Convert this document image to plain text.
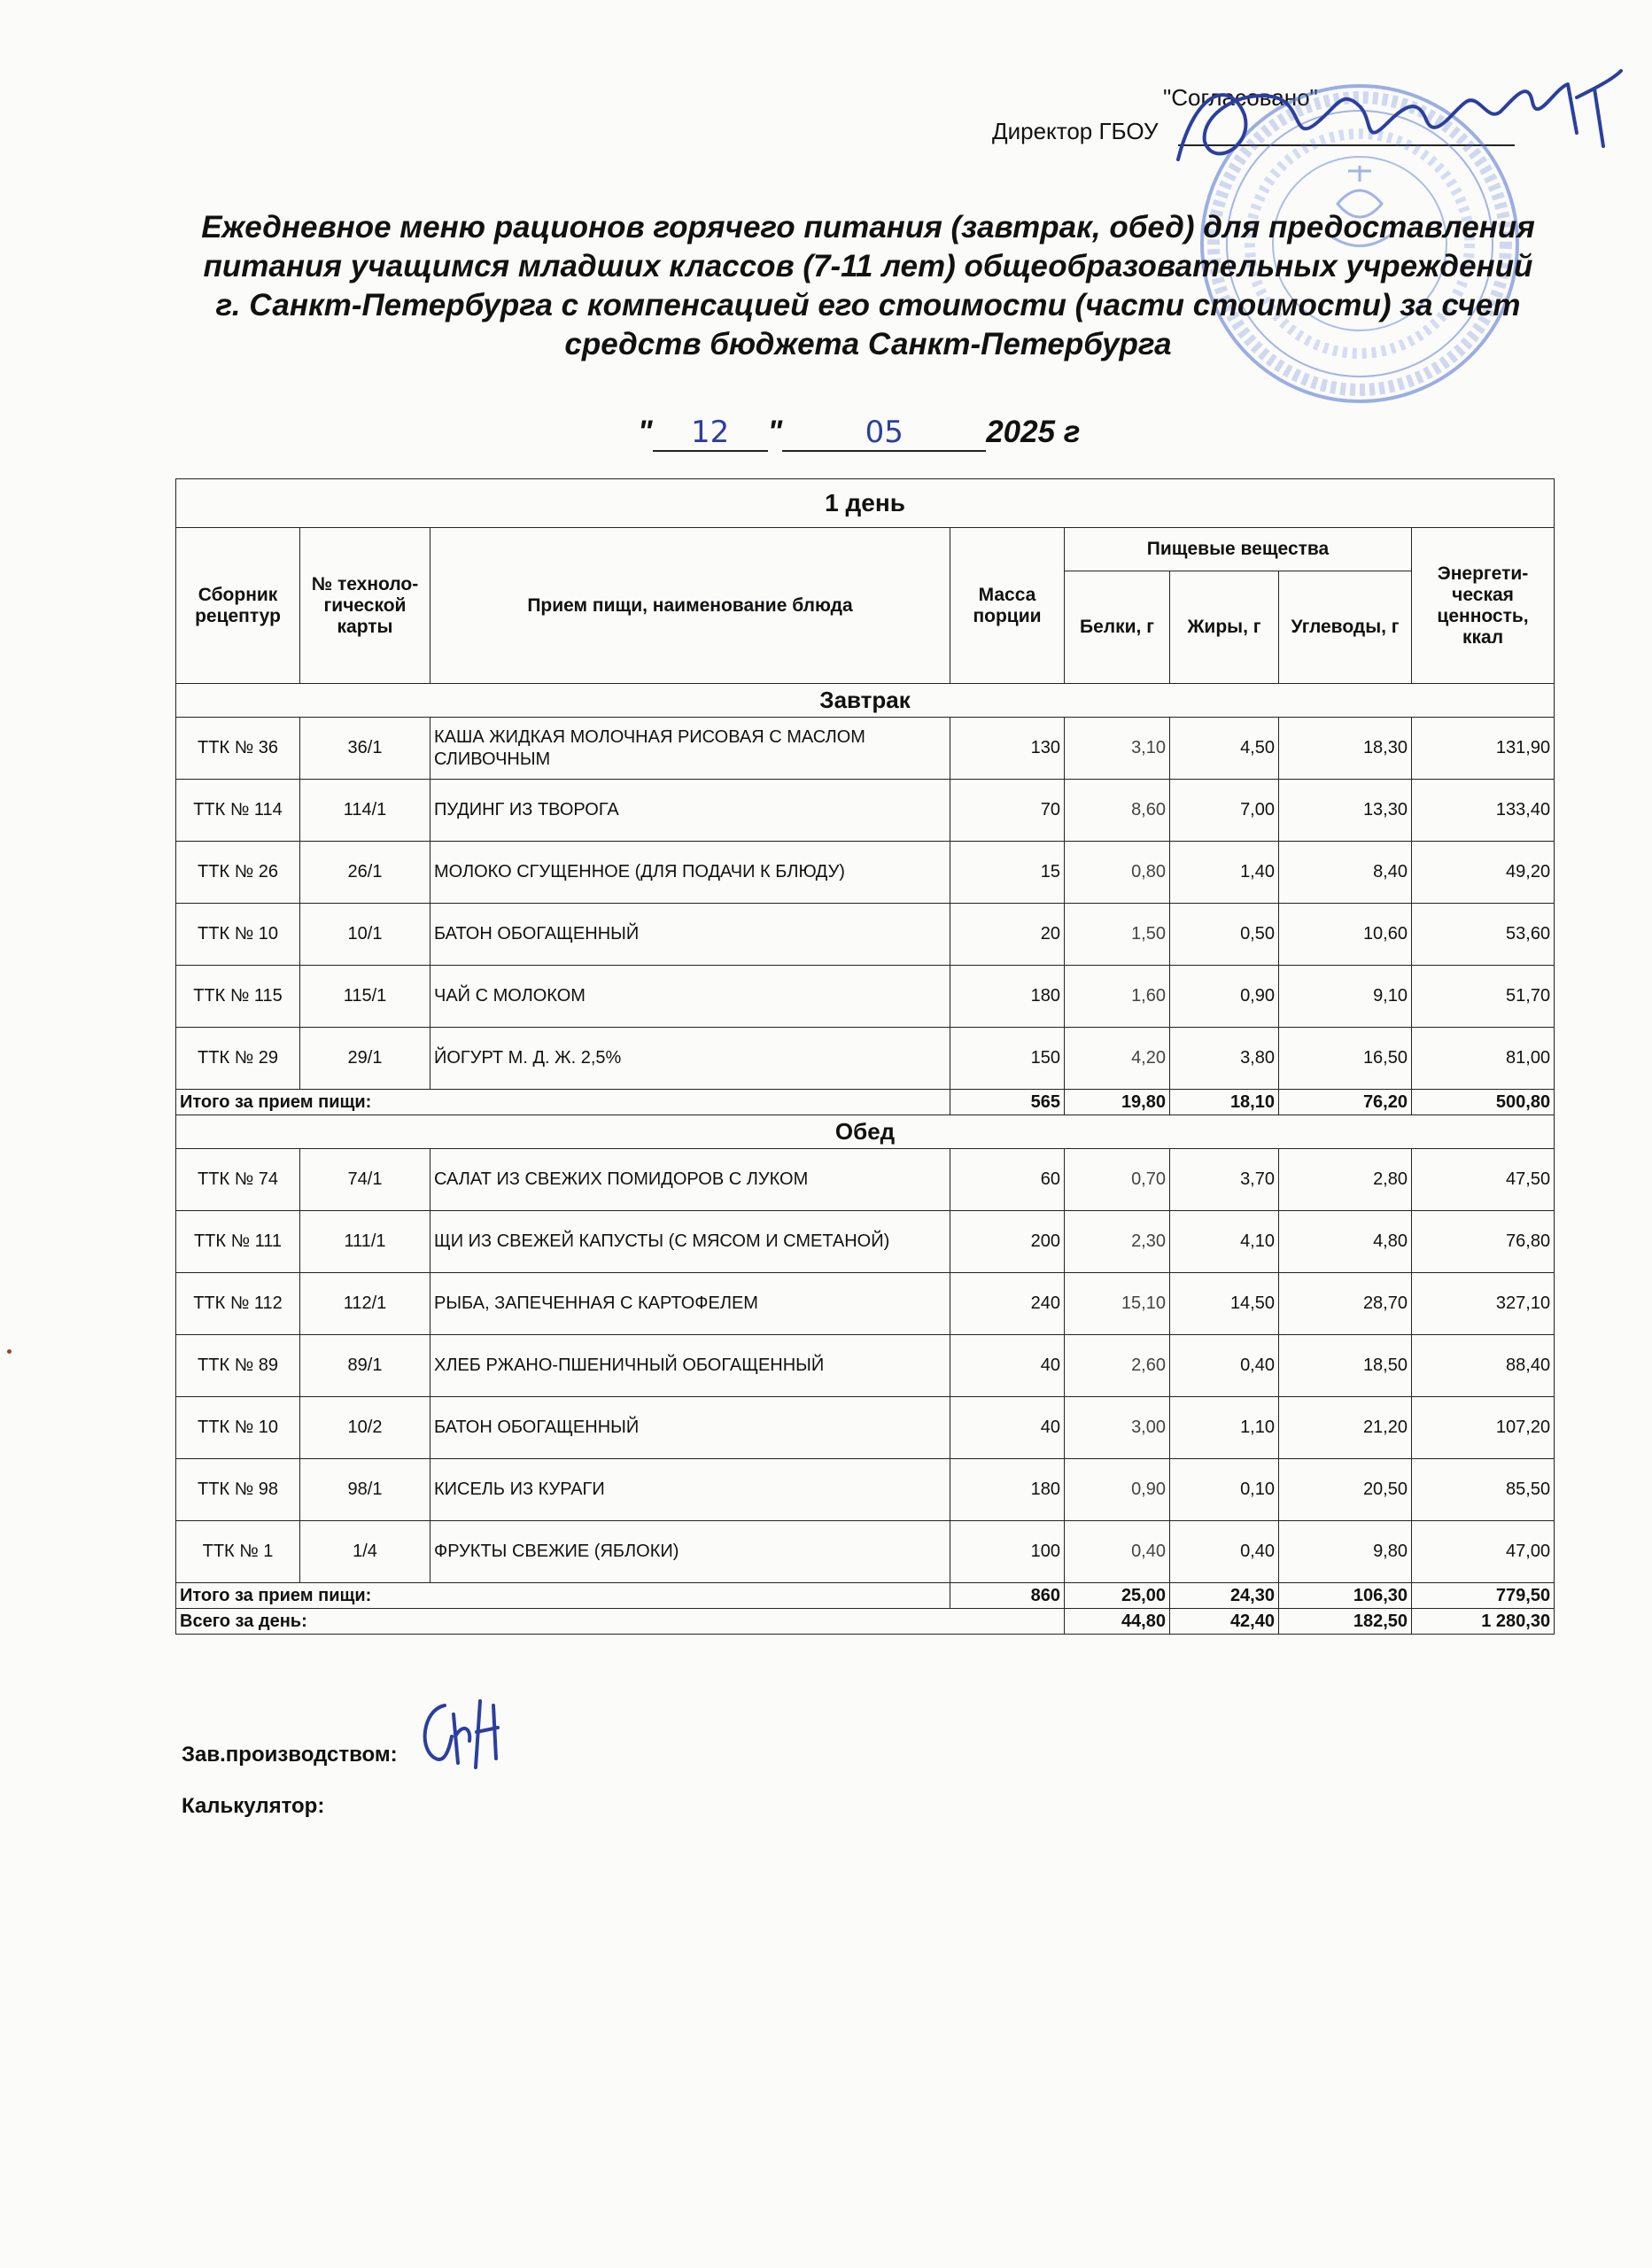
"Согласовано"
Директор ГБОУ
Ежедневное меню рационов горячего питания (завтрак, обед) для предоставления
питания учащимся младших классов (7-11 лет) общеобразовательных учреждений
г. Санкт-Петербурга с компенсацией его стоимости (части стоимости) за счет
средств бюджета Санкт-Петербурга
" 12 "	05	2025 г
1 день							
Сборник рецептур	№ техноло-гической карты	Прием пищи, наименование блюда	Масса порции	Пищевые вещества			Энергети-ческая ценность, ккал
				Белки, г	Жиры, г	Углеводы, г	
Завтрак							
ТТК № 36	36/1	КАША ЖИДКАЯ МОЛОЧНАЯ РИСОВАЯ С МАСЛОМ СЛИВОЧНЫМ	130	3,10	4,50	18,30	131,90
ТТК № 114	114/1	ПУДИНГ ИЗ ТВОРОГА	70	8,60	7,00	13,30	133,40
ТТК № 26	26/1	МОЛОКО СГУЩЕННОЕ (ДЛЯ ПОДАЧИ К БЛЮДУ)	15	0,80	1,40	8,40	49,20
ТТК № 10	10/1	БАТОН ОБОГАЩЕННЫЙ	20	1,50	0,50	10,60	53,60
ТТК № 115	115/1	ЧАЙ С МОЛОКОМ	180	1,60	0,90	9,10	51,70
ТТК № 29	29/1	ЙОГУРТ М. Д. Ж. 2,5%	150	4,20	3,80	16,50	81,00
Итого за прием пищи:			565	19,80	18,10	76,20	500,80
Обед							
ТТК № 74	74/1	САЛАТ ИЗ СВЕЖИХ ПОМИДОРОВ С ЛУКОМ	60	0,70	3,70	2,80	47,50
ТТК № 111	111/1	ЩИ ИЗ СВЕЖЕЙ КАПУСТЫ (С МЯСОМ И СМЕТАНОЙ)	200	2,30	4,10	4,80	76,80
ТТК № 112	112/1	РЫБА, ЗАПЕЧЕННАЯ С КАРТОФЕЛЕМ	240	15,10	14,50	28,70	327,10
ТТК № 89	89/1	ХЛЕБ РЖАНО-ПШЕНИЧНЫЙ ОБОГАЩЕННЫЙ	40	2,60	0,40	18,50	88,40
ТТК № 10	10/2	БАТОН ОБОГАЩЕННЫЙ	40	3,00	1,10	21,20	107,20
ТТК № 98	98/1	КИСЕЛЬ ИЗ КУРАГИ	180	0,90	0,10	20,50	85,50
ТТК № 1	1/4	ФРУКТЫ СВЕЖИЕ (ЯБЛОКИ)	100	0,40	0,40	9,80	47,00
Итого за прием пищи:			860	25,00	24,30	106,30	779,50
Всего за день:				44,80	42,40	182,50	1 280,30
Зав.производством:
Калькулятор:
